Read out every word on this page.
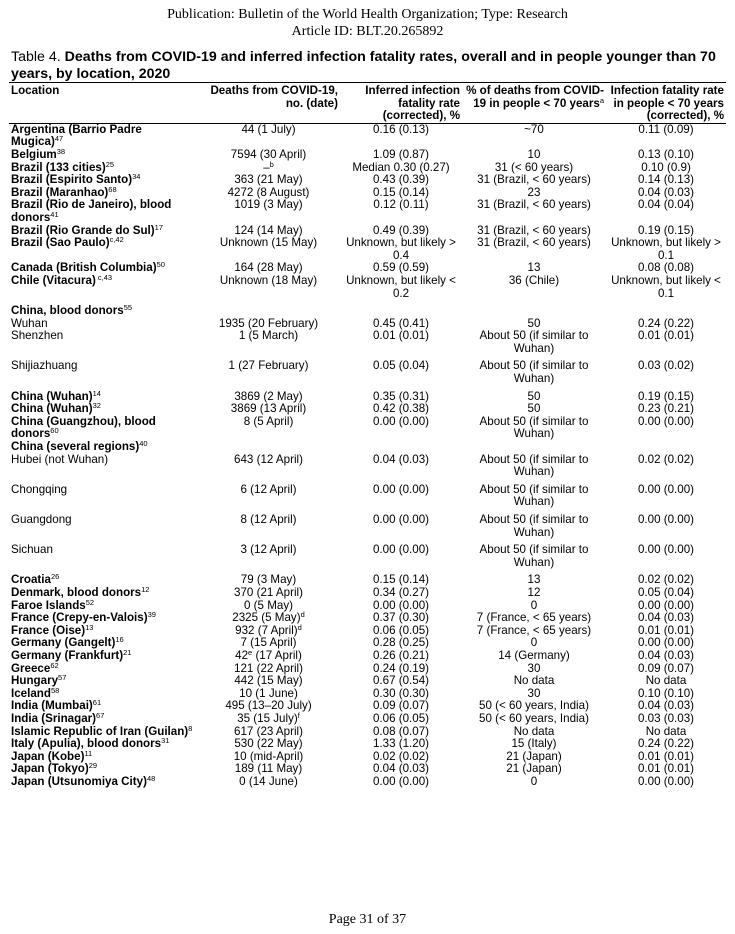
Publication: Bulletin of the World Health Organization; Type: Research
Article ID: BLT.20.265892
Table 4. Deaths from COVID-19 and inferred infection fatality rates, overall and in people younger than 70 years, by location, 2020
Location	Deaths from COVID-19, no. (date)	Inferred infection fatality rate (corrected), %	% of deaths from COVID-19 in people < 70 years$^a$	Infection fatality rate in people < 70 years (corrected), %
Argentina (Barrio Padre Mugica)$^{47}$	44 (1 July)	0.16 (0.13)	~70	0.11 (0.09)
Belgium$^{38}$	7594 (30 April)	1.09 (0.87)	10	0.13 (0.10)
Brazil (133 cities)$^{25}$	–$^b$	Median 0.30 (0.27)	31 (< 60 years)	0.10 (0.9)
Brazil (Espirito Santo)$^{34}$	363 (21 May)	0.43 (0.39)	31 (Brazil, < 60 years)	0.14 (0.13)
Brazil (Maranhao)$^{68}$	4272 (8 August)	0.15 (0.14)	23	0.04 (0.03)
Brazil (Rio de Janeiro), blood donors$^{41}$	1019 (3 May)	0.12 (0.11)	31 (Brazil, < 60 years)	0.04 (0.04)
Brazil (Rio Grande do Sul)$^{17}$	124 (14 May)	0.49 (0.39)	31 (Brazil, < 60 years)	0.19 (0.15)
Brazil (Sao Paulo)$^{c,42}$	Unknown (15 May)	Unknown, but likely > 0.4	31 (Brazil, < 60 years)	Unknown, but likely > 0.1
Canada (British Columbia)$^{50}$	164 (28 May)	0.59 (0.59)	13	0.08 (0.08)
Chile (Vitacura) $^{c,43}$	Unknown (18 May)	Unknown, but likely < 0.2	36 (Chile)	Unknown, but likely < 0.1

China, blood donors$^{55}$				
Wuhan	1935 (20 February)	0.45 (0.41)	50	0.24 (0.22)
Shenzhen	1 (5 March)	0.01 (0.01)	About 50 (if similar to Wuhan)	0.01 (0.01)

Shijiazhuang	1 (27 February)	0.05 (0.04)	About 50 (if similar to Wuhan)	0.03 (0.02)

China (Wuhan)$^{14}$	3869 (2 May)	0.35 (0.31)	50	0.19 (0.15)
China (Wuhan)$^{32}$	3869 (13 April)	0.42 (0.38)	50	0.23 (0.21)
China (Guangzhou), blood donors$^{60}$	8 (5 April)	0.00 (0.00)	About 50 (if similar to Wuhan)	0.00 (0.00)
China (several regions)$^{40}$				
Hubei (not Wuhan)	643 (12 April)	0.04 (0.03)	About 50 (if similar to Wuhan)	0.02 (0.02)

Chongqing	6 (12 April)	0.00 (0.00)	About 50 (if similar to Wuhan)	0.00 (0.00)

Guangdong	8 (12 April)	0.00 (0.00)	About 50 (if similar to Wuhan)	0.00 (0.00)

Sichuan	3 (12 April)	0.00 (0.00)	About 50 (if similar to Wuhan)	0.00 (0.00)

Croatia$^{26}$	79 (3 May)	0.15 (0.14)	13	0.02 (0.02)
Denmark, blood donors$^{12}$	370 (21 April)	0.34 (0.27)	12	0.05 (0.04)
Faroe Islands$^{52}$	0 (5 May)	0.00 (0.00)	0	0.00 (0.00)
France (Crepy-en-Valois)$^{39}$	2325 (5 May)$^d$	0.37 (0.30)	7 (France, < 65 years)	0.04 (0.03)
France (Oise)$^{13}$	932 (7 April)$^d$	0.06 (0.05)	7 (France, < 65 years)	0.01 (0.01)
Germany (Gangelt)$^{16}$	7 (15 April)	0.28 (0.25)	0	0.00 (0.00)
Germany (Frankfurt)$^{21}$	42e (17 April)	0.26 (0.21)	14 (Germany)	0.04 (0.03)
Greece$^{62}$	121 (22 April)	0.24 (0.19)	30	0.09 (0.07)
Hungary$^{57}$	442 (15 May)	0.67 (0.54)	No data	No data
Iceland$^{58}$	10 (1 June)	0.30 (0.30)	30	0.10 (0.10)
India (Mumbai)$^{61}$	495 (13–20 July)	0.09 (0.07)	50 (< 60 years, India)	0.04 (0.03)
India (Srinagar)$^{67}$	35 (15 July)$^f$	0.06 (0.05)	50 (< 60 years, India)	0.03 (0.03)
Islamic Republic of Iran (Guilan)$^8$	617 (23 April)	0.08 (0.07)	No data	No data
Italy (Apulia), blood donors$^{31}$	530 (22 May)	1.33 (1.20)	15 (Italy)	0.24 (0.22)
Japan (Kobe)$^{11}$	10 (mid-April)	0.02 (0.02)	21 (Japan)	0.01 (0.01)
Japan (Tokyo)$^{29}$	189 (11 May)	0.04 (0.03)	21 (Japan)	0.01 (0.01)
Japan (Utsunomiya City)$^{48}$	0 (14 June)	0.00 (0.00)	0	0.00 (0.00)
Page 31 of 37
